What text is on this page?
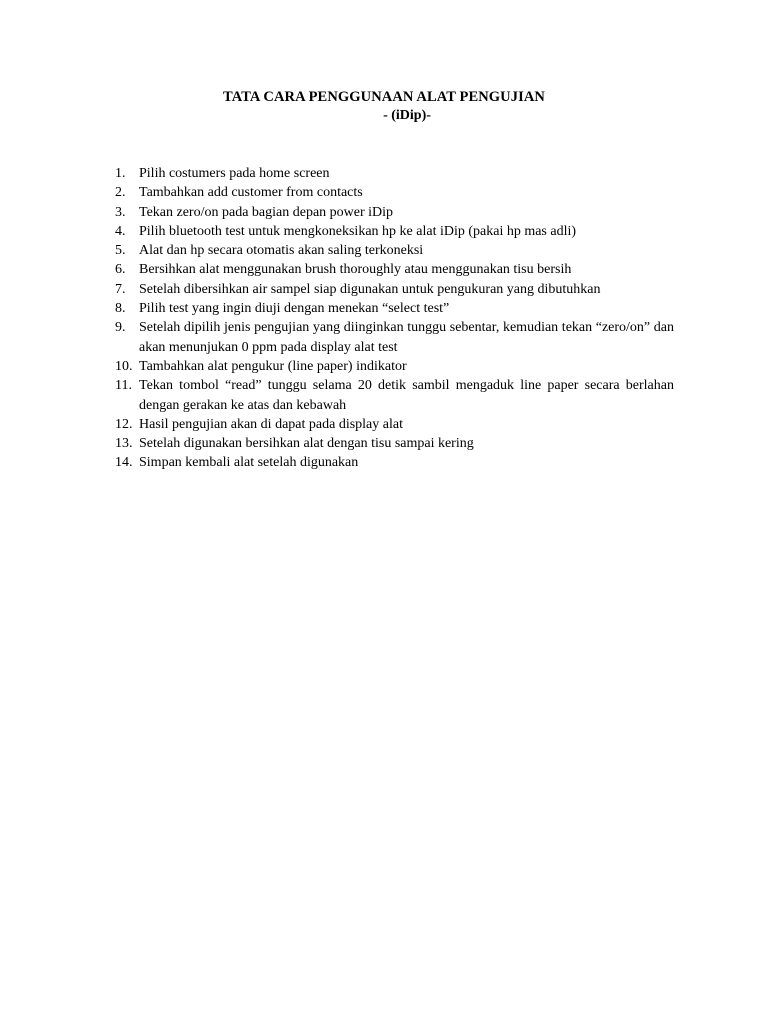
TATA CARA PENGGUNAAN ALAT PENGUJIAN
- (iDip)-
1. Pilih costumers pada home screen
2. Tambahkan add customer from contacts
3. Tekan zero/on pada bagian depan power iDip
4. Pilih bluetooth test untuk mengkoneksikan hp ke alat iDip (pakai hp mas adli)
5. Alat dan hp secara otomatis akan saling terkoneksi
6. Bersihkan alat menggunakan brush thoroughly atau menggunakan tisu bersih
7. Setelah dibersihkan air sampel siap digunakan untuk pengukuran yang dibutuhkan
8. Pilih test yang ingin diuji dengan menekan “select test”
9. Setelah dipilih jenis pengujian yang diinginkan tunggu sebentar, kemudian tekan “zero/on” dan akan menunjukan 0 ppm pada display alat test
10. Tambahkan alat pengukur (line paper) indikator
11. Tekan tombol “read” tunggu selama 20 detik sambil mengaduk line paper secara berlahan dengan gerakan ke atas dan kebawah
12. Hasil pengujian akan di dapat pada display alat
13. Setelah digunakan bersihkan alat dengan tisu sampai kering
14. Simpan kembali alat setelah digunakan
